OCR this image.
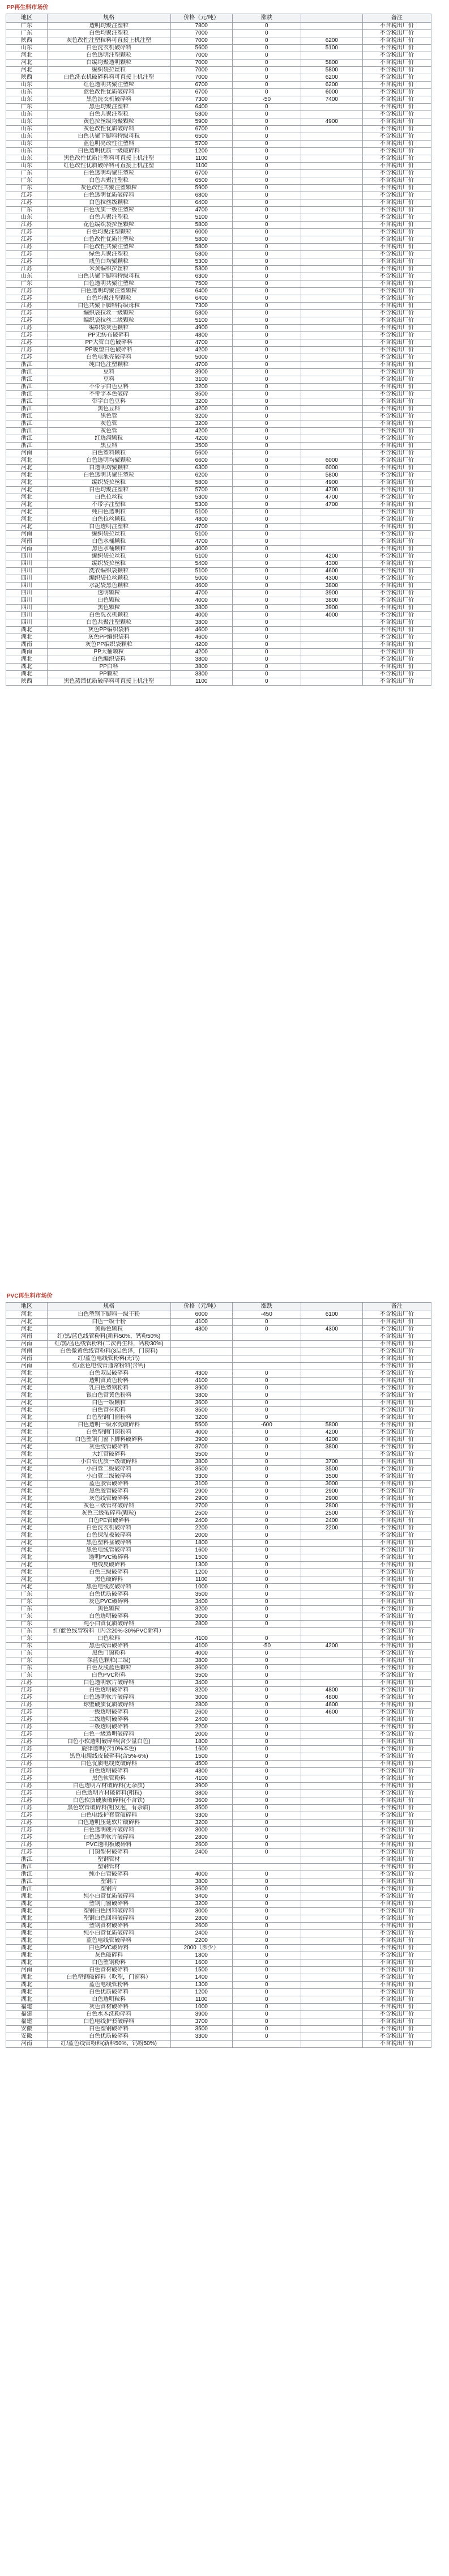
PP再生料市场价
地区	规格	价格（元/吨）	涨跌		备注
广东	透明均聚注塑粒	7800	0		不含税出厂价
广东	白色均聚注塑粒	7000	0		不含税出厂价
陕西	灰色改性注塑粒料可直接上机注塑	7000	0	6200	不含税出厂价
山东	白色洗衣机破碎料	5600	0	5100	不含税出厂价
河北	白色透明注塑颗粒	7000	0		不含税出厂价
河北	白编均聚透明颗粒	7000	0	5800	不含税出厂价
河北	编织袋拉丝粒	7000	0	5800	不含税出厂价
陕西	白色洗衣机破碎料料可直接上机注塑	7000	0	6200	不含税出厂价
山东	红色透明共聚注塑粒	6700	0	6200	不含税出厂价
山东	蓝色改性优质破碎料	6700	0	6000	不含税出厂价
山东	黑色洗衣机破碎料	7300	-50	7400	不含税出厂价
广东	黑色均聚注塑粒	6400	0		不含税出厂价
山东	白色共聚注塑粒	5300	0		不含税出厂价
山东	黄色拉丝级均聚颗粒	5900	0	4900	不含税出厂价
山东	灰色改性优质破碎料	6700	0		不含税出厂价
山东	白色共聚下脚料特级母粒	6500	0		不含税出厂价
山东	蓝色明亮改性注塑料	5700	0		不含税出厂价
山东	白色透明优质一级破碎料	1200	0		不含税出厂价
山东	黑色改性优质注塑料可直接上机注塑	1100	0		不含税出厂价
山东	红色改性优质破碎料可直接上机注塑	1100	0		不含税出厂价
广东	白色透明均聚注塑粒	6700	0		不含税出厂价
广东	白色共聚注塑粒	6500	0		不含税出厂价
广东	灰色改性共聚注塑颗粒	5900	0		不含税出厂价
江苏	白色透明优质破碎料	6800	0		不含税出厂价
江苏	白色拉丝级颗粒	6400	0		不含税出厂价
广东	白色优质一级注塑粒	4700	0		不含税出厂价
山东	白色共聚注塑粒	5100	0		不含税出厂价
江苏	花色编织袋拉丝颗粒	5800	0		不含税出厂价
江苏	白色均聚注塑颗粒	6000	0		不含税出厂价
江苏	白色改性优质注塑粒	5800	0		不含税出厂价
江苏	白色改性共聚注塑粒	5800	0		不含税出厂价
江苏	绿色共聚注塑粒	5300	0		不含税出厂价
江苏	咸鱼白均聚颗粒	5300	0		不含税出厂价
江苏	米黄编织拉丝粒	5300	0		不含税出厂价
山东	白色共聚下脚料特级母粒	6300	0		不含税出厂价
广东	白色透明共聚注塑粒	7500	0		不含税出厂价
江苏	白色透明均聚注塑颗粒	6400	0		不含税出厂价
江苏	白色均聚注塑颗粒	6400	0		不含税出厂价
江苏	白色共聚下脚料特级母粒	7300	0		不含税出厂价
江苏	编织袋拉丝一级颗粒	5300	0		不含税出厂价
江苏	编织袋拉丝二级颗粒	5100	0		不含税出厂价
江苏	编织袋灰色颗粒	4900	0		不含税出厂价
江苏	PP无纺布破碎料	4800	0		不含税出厂价
江苏	PP大管白色破碎料	4700	0		不含税出厂价
江苏	PP吸塑白色破碎料	4200	0		不含税出厂价
江苏	白色电池壳破碎料	5000	0		不含税出厂价
浙江	纯白色注塑颗粒	4700	0		不含税出厂价
浙江	豆料	3900	0		不含税出厂价
浙江	豆料	3100	0		不含税出厂价
浙江	不带字白色豆料	3200	0		不含税出厂价
浙江	不带字本色破碎	3500	0		不含税出厂价
浙江	带字白色豆料	3200	0		不含税出厂价
浙江	黑色豆料	4200	0		不含税出厂价
浙江	黑色管	3200	0		不含税出厂价
浙江	灰色管	3200	0		不含税出厂价
浙江	灰色管	4200	0		不含税出厂价
浙江	红透满颗粒	4200	0		不含税出厂价
浙江	黑豆料	3500	0		不含税出厂价
河南	白色塑料颗粒	5600	0		不含税出厂价
河北	白色透明均聚颗粒	6600	0	6000	不含税出厂价
河北	白透明均聚颗粒	6300	0	6000	不含税出厂价
河北	白色透明共聚注塑粒	6200	0	5800	不含税出厂价
河北	编织袋拉丝粒	5800	0	4900	不含税出厂价
河北	白色均聚注塑粒	5700	0	4700	不含税出厂价
河北	白色拉丝粒	5300	0	4700	不含税出厂价
河北	不带字注塑粒	5300	0	4700	不含税出厂价
河北	纯白色透明粒	5100	0		不含税出厂价
河北	白色拉丝颗粒	4800	0		不含税出厂价
河北	白色透明注塑粒	4700	0		不含税出厂价
河南	编织袋拉丝粒	5100	0		不含税出厂价
河南	白色水桶颗粒	4700	0		不含税出厂价
河南	黑色水桶颗粒	4000	0		不含税出厂价
四川	编织袋拉丝粒	5100	0	4200	不含税出厂价
四川	编织袋拉丝粒	5400	0	4300	不含税出厂价
四川	洗衣编织袋颗粒	5100	0	4600	不含税出厂价
四川	编织袋拉丝颗粒	5000	0	4300	不含税出厂价
四川	水泥袋黑色颗粒	4600	0	3800	不含税出厂价
四川	透明颗粒	4700	0	3900	不含税出厂价
四川	白色颗粒	4000	0	3800	不含税出厂价
四川	黑色颗粒	3800	0	3900	不含税出厂价
四川	白色洗衣机颗粒	4000	0	4000	不含税出厂价
四川	白色共聚注塑颗粒	3800	0		不含税出厂价
湖北	灰色PP编织袋料	4600	0		不含税出厂价
湖北	灰色PP编织袋料	4600	0		不含税出厂价
湖南	灰色PP编织袋颗粒	4200	0		不含税出厂价
湖南	PP大桶颗粒	4200	0		不含税出厂价
湖北	白色编织袋料	3800	0		不含税出厂价
湖北	PP白料	3800	0		不含税出厂价
湖北	PP颗粒	3300	0		不含税出厂价
陕西	黑色蒸馏优质破碎料可直接上机注塑	1100	0		不含税出厂价
PVC再生料市场价
地区	规格	价格（元/吨）	涨跌		备注
河北	白色塑钢下脚料一级干粉	6000	-450	6100	不含税出厂价
河北	白色一级干粉	4100	0		不含税出厂价
河北	黄褐色颗粒	4300	0	4300	不含税出厂价
河南	红/黑/蓝色线管粉料(新料50%，钙粉50%)				不含税出厂价
河南	红/黑/蓝色线管粉料(二次再生料，钙粉30%)				不含税出厂价
河南	白色微黄色线管粉料(3层色泽，门窗料)				不含税出厂价
河南	红/蓝色电线管粉料(无钙)				不含税出厂价
河南	红/蓝色电线管通常粉料(含钙)				不含税出厂价
河北	白色双层破碎料	4300	0		不含税出厂价
河北	透明管黄色粉料	4100	0		不含税出厂价
河北	乳白色塑钢粉料	3900	0		不含税出厂价
河北	银白色管黄色粉料	3800	0		不含税出厂价
河北	白色一级颗粒	3600	0		不含税出厂价
河北	白色管材粉料	3500	0		不含税出厂价
河北	白色塑钢门窗粉料	3200	0		不含税出厂价
河北	白色透明一级水洗破碎料	5500	-600	5800	不含税出厂价
河北	白色塑钢门窗粉料	4000	0	4200	不含税出厂价
河北	白色塑钢门窗下脚料破碎料	3900	0	4200	不含税出厂价
河北	灰色线管破碎料	3700	0	3800	不含税出厂价
河北	大红管破碎料	3500	0		不含税出厂价
河北	小白管优质一级破碎料	3800	0	3700	不含税出厂价
河北	小白管二级破碎料	3500	0	3500	不含税出厂价
河北	小白管二级破碎料	3300	0	3500	不含税出厂价
河北	蓝色胶管破碎料	3100	0	3000	不含税出厂价
河北	黑色胶管破碎料	2900	0	2900	不含税出厂价
河北	灰色线管破碎料	2900	0	2900	不含税出厂价
河北	灰色三级管材破碎料	2700	0	2800	不含税出厂价
河北	灰色三级破碎料(颗粒)	2500	0	2500	不含税出厂价
河北	白色PE管破碎料	2400	0	2400	不含税出厂价
河北	白色洗衣机破碎料	2200	0	2200	不含税出厂价
河北	白色保温板破碎料	2000	0		不含税出厂价
河北	黑色塑料盆破碎料	1800	0		不含税出厂价
河北	黑色电线管破碎料	1600	0		不含税出厂价
河北	透明PVC破碎料	1500	0		不含税出厂价
河北	电线皮破碎料	1300	0		不含税出厂价
河北	白色三级破碎料	1200	0		不含税出厂价
河北	黑色破碎料	1100	0		不含税出厂价
河北	黑色电线皮破碎料	1000	0		不含税出厂价
广东	白色优质破碎料	3500	0		不含税出厂价
广东	灰色PVC破碎料	3400	0		不含税出厂价
广东	黑色颗粒	3200	0		不含税出厂价
广东	白色透明破碎料	3000	0		不含税出厂价
广东	纯小白管优质破碎料	2800	0		不含税出厂价
广东	红/蓝色线管粉料（内含20%-30%PVC新料）				不含税出厂价
广东	白色粒料	4100	0		不含税出厂价
广东	黑色线管破碎料	4100	-50	4200	不含税出厂价
广东	黑色门窗粉料	4000	0		不含税出厂价
广东	深蓝色颗粒(二级)	3800	0		不含税出厂价
广东	白色及浅蓝色颗粒	3600	0		不含税出厂价
广东	白色PVC粉料	3500	0		不含税出厂价
江苏	白色透明软片破碎料	3400	0		不含税出厂价
江苏	白色透明破碎料	3200	0	4800	不含税出厂价
江苏	白色透明软片破碎料	3000	0	4800	不含税出厂价
江苏	球壁硬质优质破碎料	2800	0	4600	不含税出厂价
江苏	一级透明破碎料	2600	0	4600	不含税出厂价
江苏	二级透明破碎料	2400	0		不含税出厂价
江苏	三级透明破碎料	2200	0		不含税出厂价
江苏	白色一级透明破碎料	2000	0		不含税出厂价
江苏	白色小软透明破碎料(含少量白色)	1800	0		不含税出厂价
江苏	旋律透明(含10%本色)	1600	0		不含税出厂价
江苏	黑色电缆线皮破碎料(含5%-6%)	1500	0		不含税出厂价
江苏	白色优质电线皮破碎料	4500	0		不含税出厂价
江苏	白色透明破碎料	4300	0		不含税出厂价
江苏	黑色软管粉料	4100	0		不含税出厂价
江苏	白色透明片材破碎料(无杂质)	3900	0		不含税出厂价
江苏	白色透明片材破碎料(粗粒)	3800	0		不含税出厂价
江苏	白色软质硬质破碎料(不含铁)	3600	0		不含税出厂价
江苏	黑色软管破碎料(粗发泡，有杂质)	3500	0		不含税出厂价
江苏	白色电线护套管破碎料	3300	0		不含税出厂价
江苏	白色透明压延软片破碎料	3200	0		不含税出厂价
江苏	白色透明硬片破碎料	3000	0		不含税出厂价
江苏	白色透明软片破碎料	2800	0		不含税出厂价
江苏	PVC透明板破碎料	2600	0		不含税出厂价
江苏	门窗型材破碎料	2400	0		不含税出厂价
浙江	塑钢管材				不含税出厂价
浙江	塑钢管材				不含税出厂价
浙江	纯小白管破碎料	4000	0		不含税出厂价
浙江	塑钢片	3800	0		不含税出厂价
浙江	塑钢片	3600	0		不含税出厂价
湖北	纯小白管优质破碎料	3400	0		不含税出厂价
湖北	塑钢门窗破碎料	3200	0		不含税出厂价
湖北	塑钢白色回料破碎料	3000	0		不含税出厂价
湖北	塑钢白色回料破碎料	2800	0		不含税出厂价
湖北	塑钢管材破碎料	2600	0		不含税出厂价
湖北	纯小白管优质破碎料	2400	0		不含税出厂价
湖北	蓝色电线管破碎料	2200	0		不含税出厂价
湖北	白色PVC破碎料	2000（涉少）	0		不含税出厂价
湖北	灰色破碎料	1800	0		不含税出厂价
湖北	白色塑钢粉料	1600	0		不含税出厂价
河南	白色管材破碎料	1500	0		不含税出厂价
湖北	白色塑钢破碎料（吹塑，门窗料）	1400	0		不含税出厂价
湖北	蓝色电线管粉料	1300	0		不含税出厂价
湖北	白色优质破碎料	1200	0		不含税出厂价
湖北	白色透明粒料	1100	0		不含税出厂价
福建	灰色管材破碎料	1000	0		不含税出厂价
福建	白色水木洗粉碎料	3900	0		不含税出厂价
福建	白色电线护套破碎料	3700	0		不含税出厂价
安徽	白色塑钢破碎料	3500	0		不含税出厂价
安徽	白色优质破碎料	3300	0		不含税出厂价
河南	红/蓝色线管粉料(新料50%，钙粉50%)				不含税出厂价
